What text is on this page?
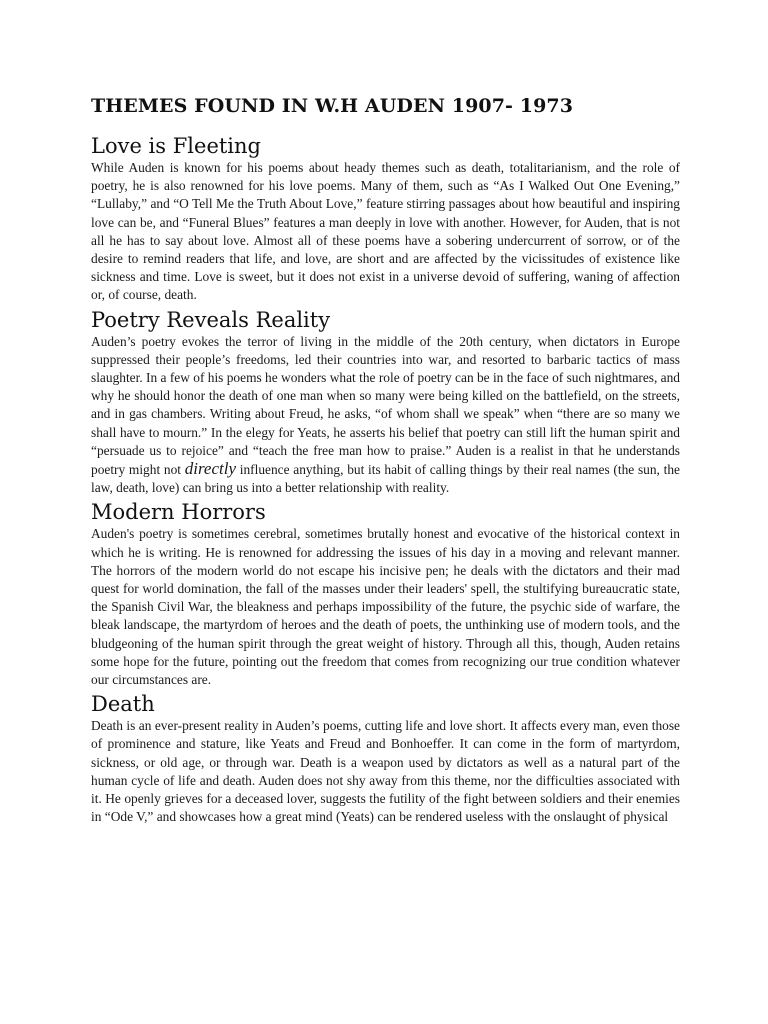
THEMES FOUND IN W.H AUDEN 1907- 1973
Love is Fleeting

While Auden is known for his poems about heady themes such as death, totalitarianism, and the role of poetry, he is also renowned for his love poems. Many of them, such as “As I Walked Out One Evening,” “Lullaby,” and “O Tell Me the Truth About Love,” feature stirring passages about how beautiful and inspiring love can be, and “Funeral Blues” features a man deeply in love with another. However, for Auden, that is not all he has to say about love. Almost all of these poems have a sobering undercurrent of sorrow, or of the desire to remind readers that life, and love, are short and are affected by the vicissitudes of existence like sickness and time. Love is sweet, but it does not exist in a universe devoid of suffering, waning of affection or, of course, death.

Poetry Reveals Reality

Auden’s poetry evokes the terror of living in the middle of the 20th century, when dictators in Europe suppressed their people’s freedoms, led their countries into war, and resorted to barbaric tactics of mass slaughter. In a few of his poems he wonders what the role of poetry can be in the face of such nightmares, and why he should honor the death of one man when so many were being killed on the battlefield, on the streets, and in gas chambers. Writing about Freud, he asks, “of whom shall we speak” when “there are so many we shall have to mourn.” In the elegy for Yeats, he asserts his belief that poetry can still lift the human spirit and “persuade us to rejoice” and “teach the free man how to praise.” Auden is a realist in that he understands poetry might not directly influence anything, but its habit of calling things by their real names (the sun, the law, death, love) can bring us into a better relationship with reality.

Modern Horrors

Auden's poetry is sometimes cerebral, sometimes brutally honest and evocative of the historical context in which he is writing. He is renowned for addressing the issues of his day in a moving and relevant manner. The horrors of the modern world do not escape his incisive pen; he deals with the dictators and their mad quest for world domination, the fall of the masses under their leaders' spell, the stultifying bureaucratic state, the Spanish Civil War, the bleakness and perhaps impossibility of the future, the psychic side of warfare, the bleak landscape, the martyrdom of heroes and the death of poets, the unthinking use of modern tools, and the bludgeoning of the human spirit through the great weight of history. Through all this, though, Auden retains some hope for the future, pointing out the freedom that comes from recognizing our true condition whatever our circumstances are.

Death

Death is an ever-present reality in Auden’s poems, cutting life and love short. It affects every man, even those of prominence and stature, like Yeats and Freud and Bonhoeffer. It can come in the form of martyrdom, sickness, or old age, or through war. Death is a weapon used by dictators as well as a natural part of the human cycle of life and death. Auden does not shy away from this theme, nor the difficulties associated with it. He openly grieves for a deceased lover, suggests the futility of the fight between soldiers and their enemies in “Ode V,” and showcases how a great mind (Yeats) can be rendered useless with the onslaught of physical
